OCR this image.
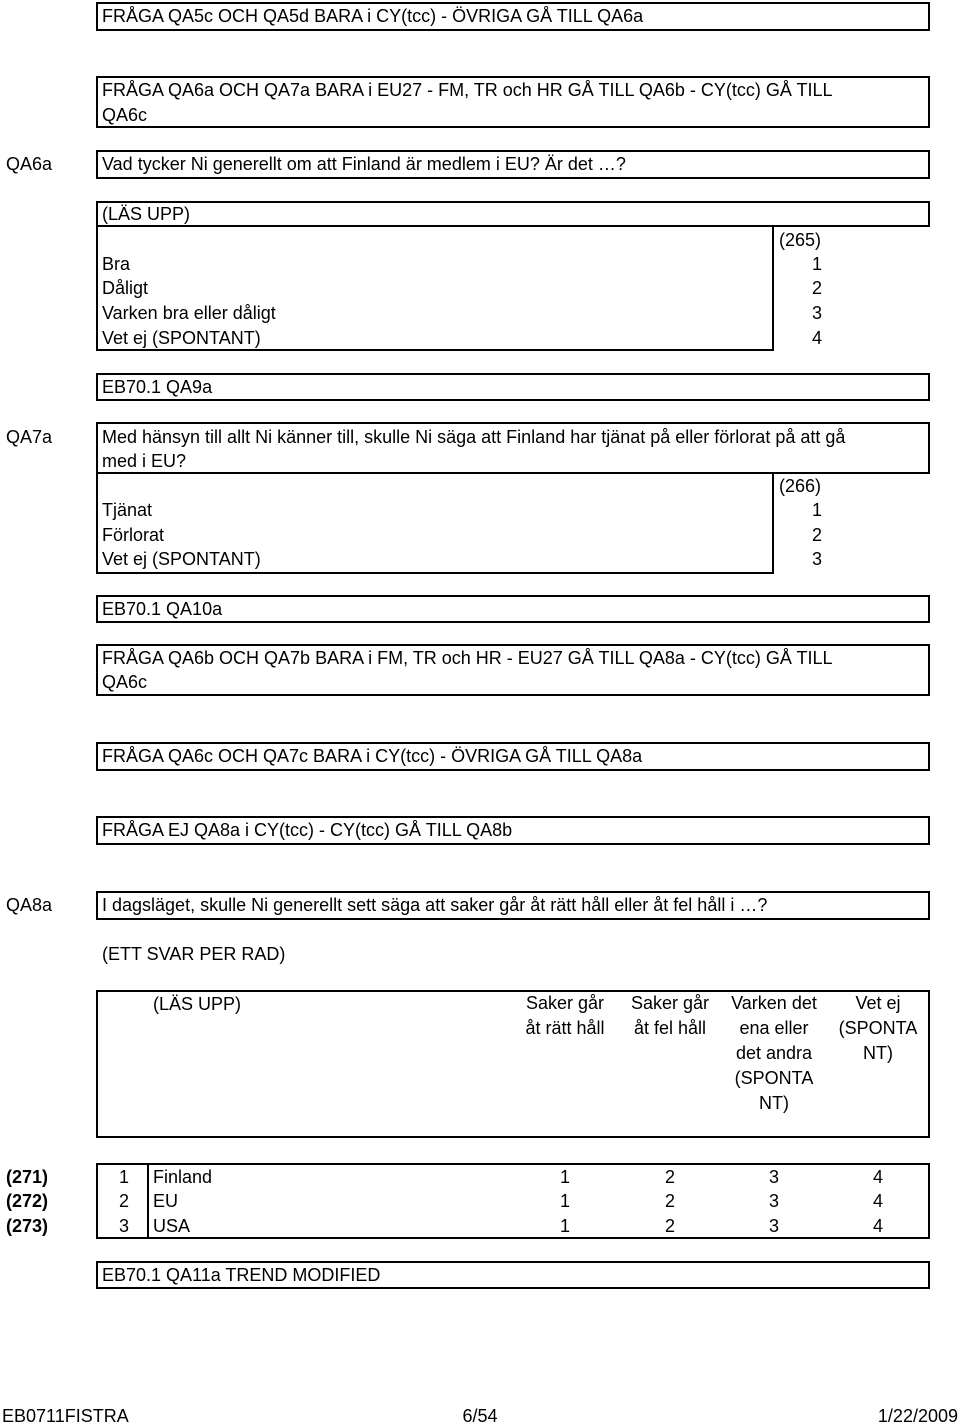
FRÅGA QA5c OCH QA5d BARA i CY(tcc) - ÖVRIGA GÅ TILL QA6a
FRÅGA QA6a OCH QA7a BARA i EU27 - FM, TR och HR GÅ TILL QA6b - CY(tcc) GÅ TILL
QA6c
QA6a	Vad tycker Ni generellt om att Finland är medlem i EU? Är det …?
(LÄS UPP)
(265)
Bra	1
Dåligt	2
Varken bra eller dåligt	3
Vet ej (SPONTANT)	4
EB70.1 QA9a
QA7a	Med hänsyn till allt Ni känner till, skulle Ni säga att Finland har tjänat på eller förlorat på att gå
med i EU?
(266)
Tjänat	1
Förlorat	2
Vet ej (SPONTANT)	3
EB70.1 QA10a
FRÅGA QA6b OCH QA7b BARA i FM, TR och HR - EU27 GÅ TILL QA8a - CY(tcc) GÅ TILL
QA6c
FRÅGA QA6c OCH QA7c BARA i CY(tcc) - ÖVRIGA GÅ TILL QA8a
FRÅGA EJ QA8a i CY(tcc) - CY(tcc) GÅ TILL QA8b
QA8a	I dagsläget, skulle Ni generellt sett säga att saker går åt rätt håll eller åt fel håll i …?
(ETT SVAR PER RAD)
(LÄS UPP)	Saker går
åt rätt håll
Saker går
åt fel håll
Varken det
ena eller
det andra
(SPONTA
NT)
Vet ej
(SPONTA
NT)
(271)	1 Finland	1	2	3	4
(272)	2 EU	1	2	3	4
(273)	3 USA	1	2	3	4
EB70.1 QA11a TREND MODIFIED
EB0711FISTRA	6/54	1/22/2009
